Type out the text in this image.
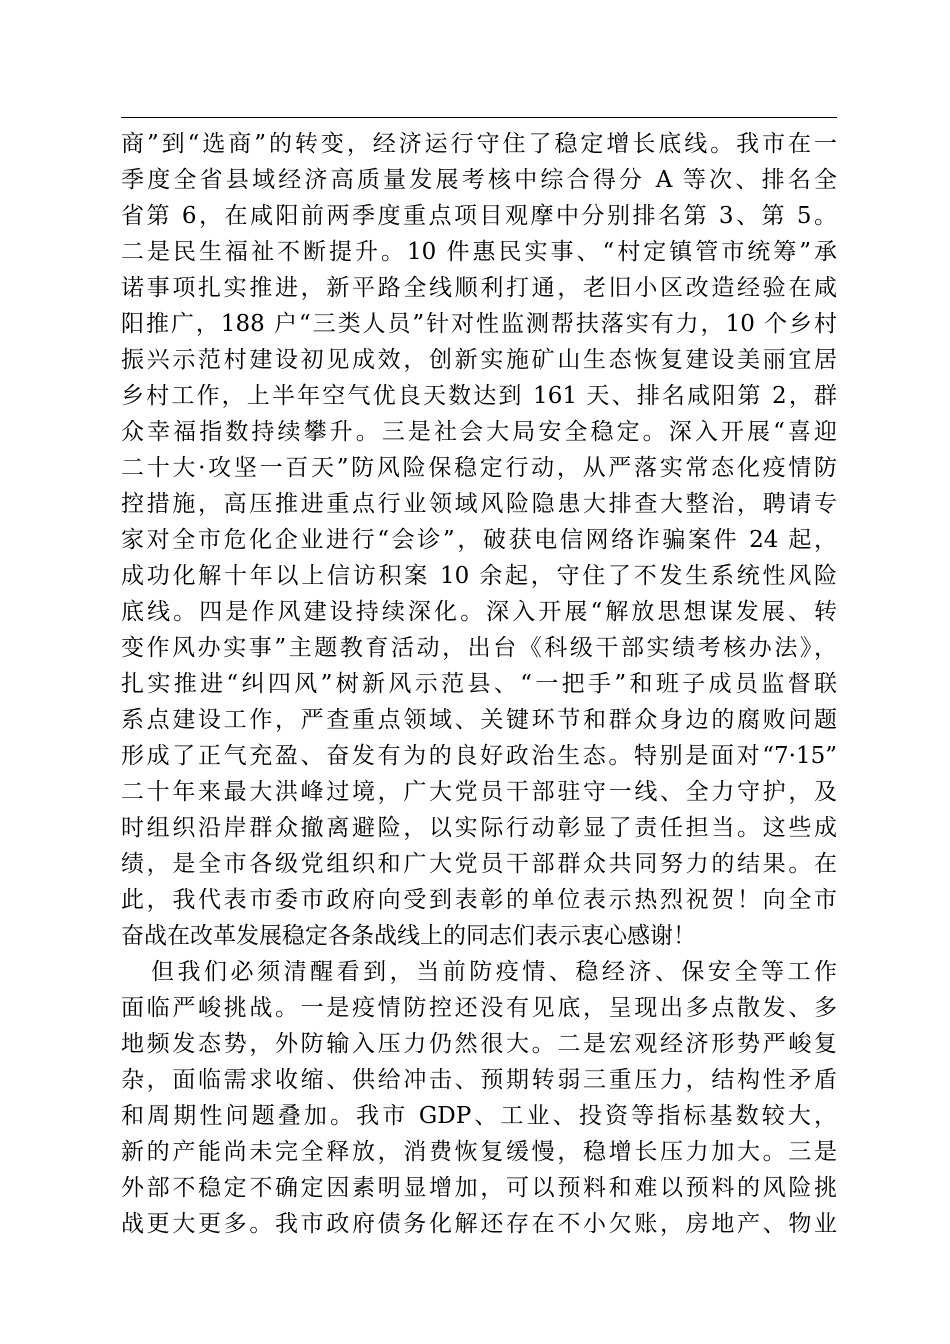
商”到“选商”的转变，经济运行守住了稳定增长底线。我市在一
季度全省县域经济高质量发展考核中综合得分 A 等次、排名全
省第 6，在咸阳前两季度重点项目观摩中分别排名第 3、第 5。
二是民生福祉不断提升。10 件惠民实事、“村定镇管市统筹”承
诺事项扎实推进，新平路全线顺利打通，老旧小区改造经验在咸
阳推广，188 户“三类人员”针对性监测帮扶落实有力，10 个乡村
振兴示范村建设初见成效，创新实施矿山生态恢复建设美丽宜居
乡村工作，上半年空气优良天数达到 161 天、排名咸阳第 2，群
众幸福指数持续攀升。三是社会大局安全稳定。深入开展“喜迎
二十大·攻坚一百天”防风险保稳定行动，从严落实常态化疫情防
控措施，高压推进重点行业领域风险隐患大排查大整治，聘请专
家对全市危化企业进行“会诊”，破获电信网络诈骗案件 24 起，
成功化解十年以上信访积案 10 余起，守住了不发生系统性风险
底线。四是作风建设持续深化。深入开展“解放思想谋发展、转
变作风办实事”主题教育活动，出台《科级干部实绩考核办法》，
扎实推进“纠四风”树新风示范县、“一把手”和班子成员监督联
系点建设工作，严查重点领域、关键环节和群众身边的腐败问题
形成了正气充盈、奋发有为的良好政治生态。特别是面对“7·15”
二十年来最大洪峰过境，广大党员干部驻守一线、全力守护，及
时组织沿岸群众撤离避险，以实际行动彰显了责任担当。这些成
绩，是全市各级党组织和广大党员干部群众共同努力的结果。在
此，我代表市委市政府向受到表彰的单位表示热烈祝贺！向全市
奋战在改革发展稳定各条战线上的同志们表示衷心感谢！
但我们必须清醒看到，当前防疫情、稳经济、保安全等工作
面临严峻挑战。一是疫情防控还没有见底，呈现出多点散发、多
地频发态势，外防输入压力仍然很大。二是宏观经济形势严峻复
杂，面临需求收缩、供给冲击、预期转弱三重压力，结构性矛盾
和周期性问题叠加。我市 GDP、工业、投资等指标基数较大，
新的产能尚未完全释放，消费恢复缓慢，稳增长压力加大。三是
外部不稳定不确定因素明显增加，可以预料和难以预料的风险挑
战更大更多。我市政府债务化解还存在不小欠账，房地产、物业
